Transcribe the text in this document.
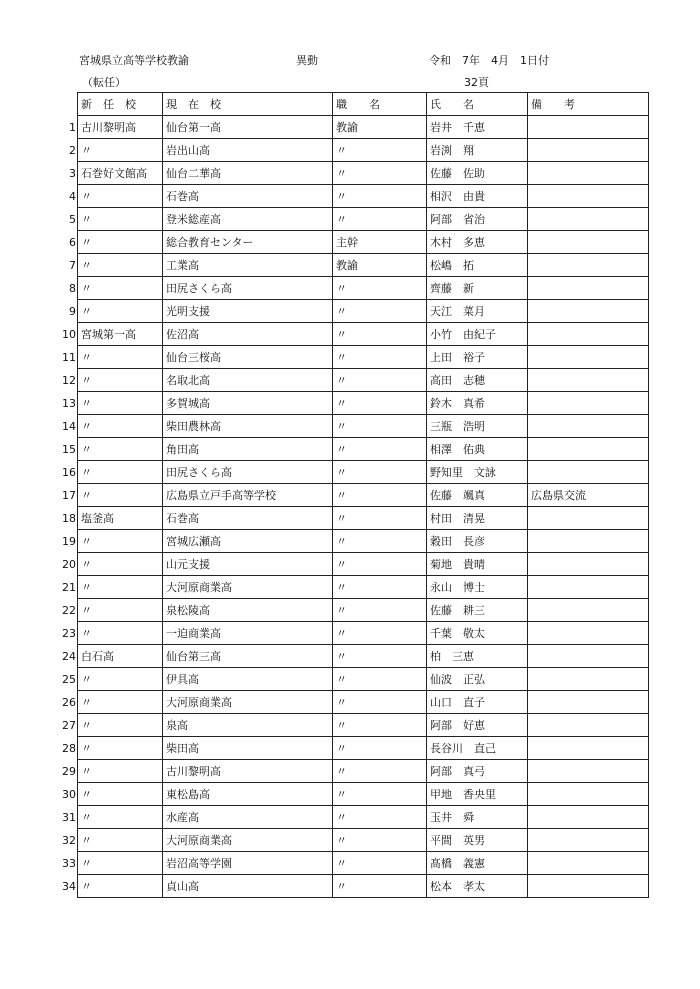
宮城県立高等学校教諭	異動	令和　7年　4月　1日付
（転任）	32頁
新　任　校	現　在　校	職　　名	氏　　名	備　　考

1 古川黎明高	仙台第一高	教諭	岩井　千恵	

2 〃	岩出山高	〃	岩渕　翔	

3 石巻好文館高	仙台二華高	〃	佐藤　佐助	

4 〃	石巻高	〃	相沢　由貴	

5 〃	登米総産高	〃	阿部　省治	

6 〃	総合教育センター	主幹	木村　多恵	

7 〃	工業高	教諭	松嶋　拓	

8 〃	田尻さくら高	〃	齊藤　新	

9 〃	光明支援	〃	天江　菜月	

10 宮城第一高	佐沼高	〃	小竹　由紀子	

11 〃	仙台三桜高	〃	上田　裕子	

12 〃	名取北高	〃	高田　志穂	

13 〃	多賀城高	〃	鈴木　真希	

14 〃	柴田農林高	〃	三瓶　浩明	

15 〃	角田高	〃	相澤　佑典	

16 〃	田尻さくら高	〃	野知里　文詠	

17 〃	広島県立戸手高等学校	〃	佐藤　颯真	広島県交流

18 塩釜高	石巻高	〃	村田　清晃	

19 〃	宮城広瀬高	〃	穀田　長彦	

20 〃	山元支援	〃	菊地　貴晴	

21 〃	大河原商業高	〃	永山　博士	

22 〃	泉松陵高	〃	佐藤　耕三	

23 〃	一迫商業高	〃	千葉　敬太	

24 白石高	仙台第三高	〃	柏　三恵	

25 〃	伊具高	〃	仙波　正弘	

26 〃	大河原商業高	〃	山口　直子	

27 〃	泉高	〃	阿部　好恵	

28 〃	柴田高	〃	長谷川　直己	

29 〃	古川黎明高	〃	阿部　真弓	

30 〃	東松島高	〃	甲地　香央里	

31 〃	水産高	〃	玉井　舜	

32 〃	大河原商業高	〃	平間　英男	

33 〃	岩沼高等学園	〃	髙橋　義憲	

34 〃	貞山高	〃	松本　孝太	
